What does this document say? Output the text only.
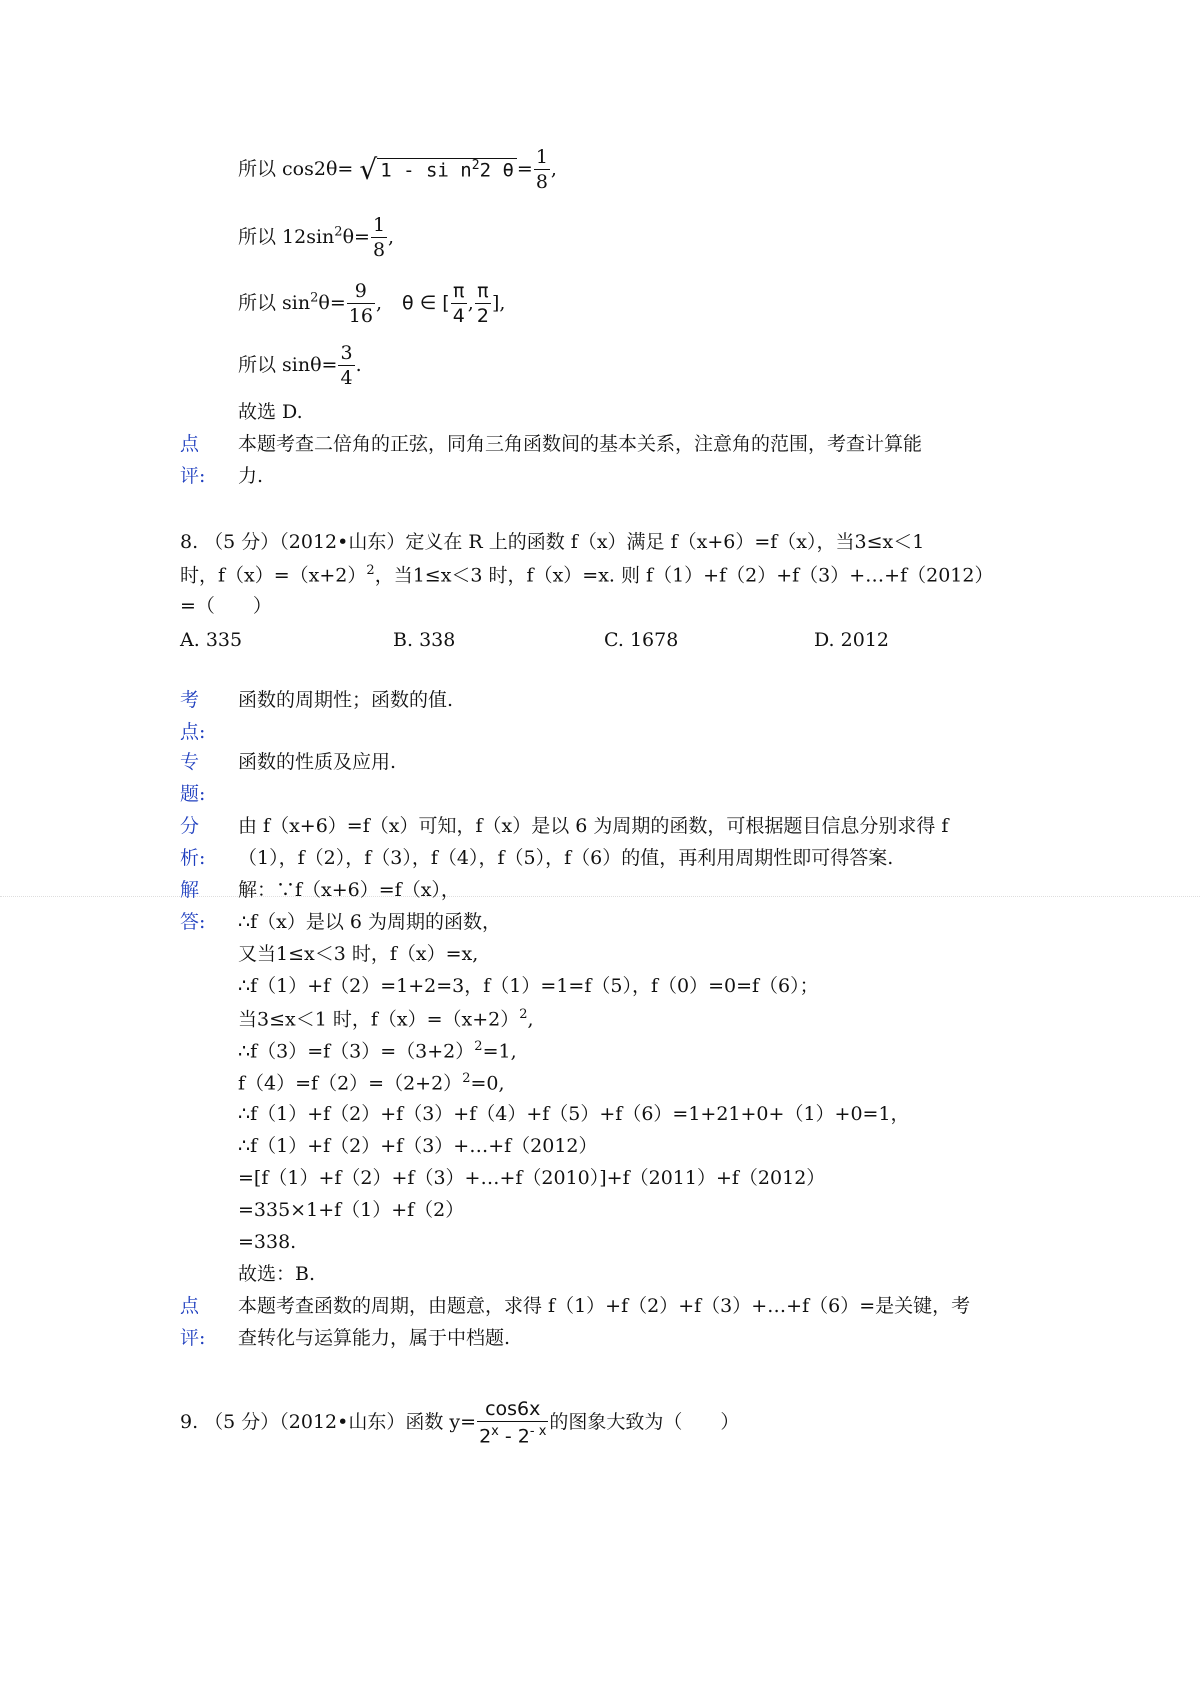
所以 cos2θ= √ 1 - si $n^22$ $\theta = \frac{1}{8}$ ,
所以 $12\sin^2\theta= \frac{1}{8}$ ,
所以 $\sin^2\theta= \frac{9}{16}$ , θ ∈ [ $\frac{\pi}{4}$ , $\frac{\pi}{2}$ ],
所以 $\sin\theta= \frac{3}{4}$ .
故选 D.
点
评:
本题考查二倍角的正弦，同角三角函数间的基本关系，注意角的范围，考查计算能
力.
8. （5 分）（2012•山东）定义在 R 上的函数 f（x）满足 f（x+6）=f（x），当3≤x＜1
时，$f(x)=(x+2)^2$，当1≤x＜3 时，f（x）=x. 则 f（1）+f（2）+f（3）+…+f（2012）
=（　　）
A. 335	B. 338	C. 1678	D. 2012
考
点:
函数的周期性；函数的值.
专
题:
函数的性质及应用.
分
析:
由 f（x+6）=f（x）可知，f（x）是以 6 为周期的函数，可根据题目信息分别求得 f
（1），f（2），f（3），f（4），f（5），f（6）的值，再利用周期性即可得答案.
解
答:
解：∵f（x+6）=f（x），
∴f（x）是以 6 为周期的函数，
又当1≤x＜3 时，f（x）=x,
∴f（1）+f（2）=1+2=3，f（1）=1=f（5），f（0）=0=f（6）；
当3≤x＜1 时，$f(x)=(x+2)^2$,
$\therefore f(3)=f(3)=(3+2)^2=1$,
$f(4)=f(2)=(2+2)^2=0$,
∴f（1）+f（2）+f（3）+f（4）+f（5）+f（6）=1+21+0+（1）+0=1，
∴f（1）+f（2）+f（3）+…+f（2012）
=[f（1）+f（2）+f（3）+…+f（2010）]+f（2011）+f（2012）
=335×1+f（1）+f（2）
=338.
故选：B.
点
评:
本题考查函数的周期，由题意，求得 f（1）+f（2）+f（3）+…+f（6）=是关键，考
查转化与运算能力，属于中档题.
9. （5 分）（2012•山东）函数 $y= \frac{\cos 6x}{2^x - 2^{- x}}$ 的图象大致为（　　）
